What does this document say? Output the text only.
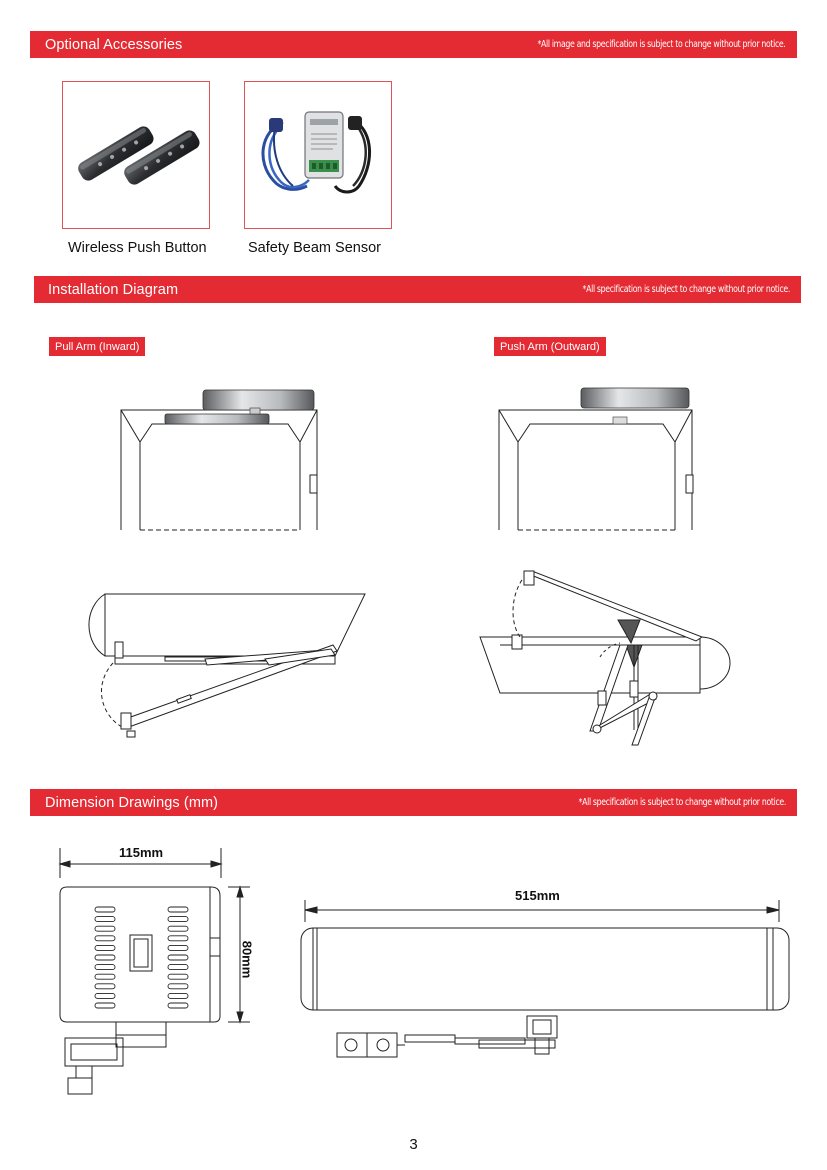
Optional Accessories	*All image and specification is subject to change without prior notice.
Wireless Push Button	Safety Beam Sensor
Installation Diagram	*All specification is subject to change without prior notice.
Pull Arm (Inward)	Push Arm (Outward)
Dimension Drawings (mm)	*All specification is subject to change without prior notice.
115mm
80mm
515mm
3
